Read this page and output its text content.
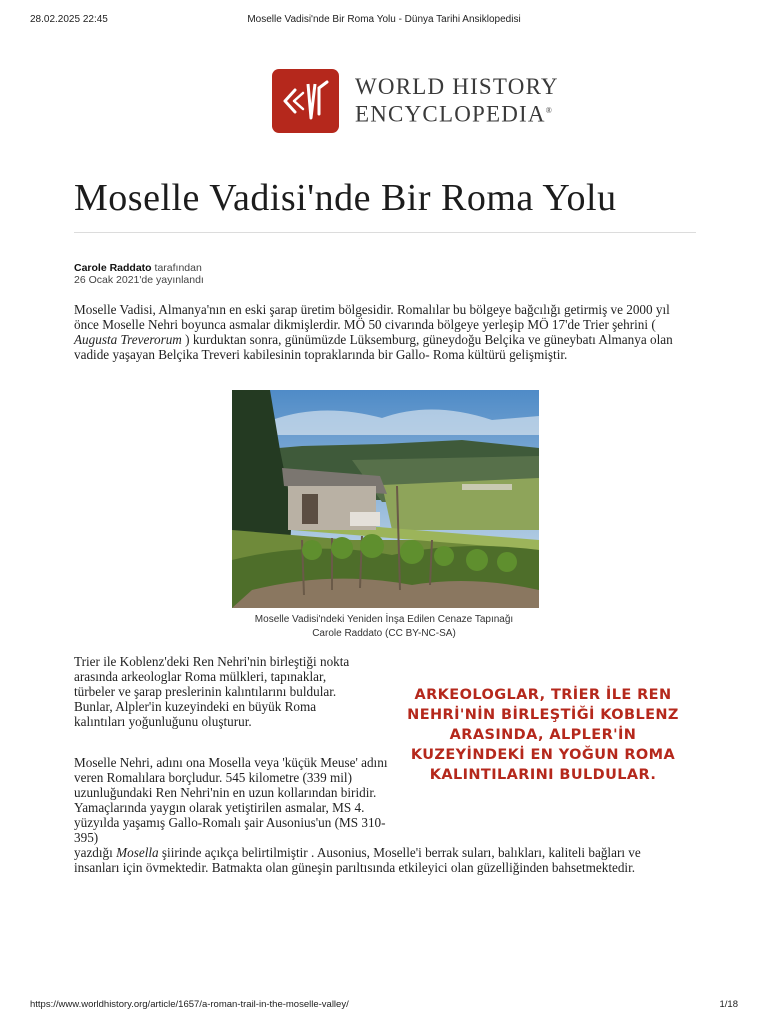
28.02.2025 22:45	Moselle Vadisi'nde Bir Roma Yolu - Dünya Tarihi Ansiklopedisi
WORLD HISTORY
ENCYCLOPEDIA®
Moselle Vadisi'nde Bir Roma Yolu
Carole Raddato tarafından
26 Ocak 2021'de yayınlandı

Moselle Vadisi, Almanya'nın en eski şarap üretim bölgesidir. Romalılar bu bölgeye bağcılığı getirmiş ve 2000 yıl önce Moselle Nehri boyunca asmalar dikmişlerdir. MÖ 50 civarında bölgeye yerleşip MÖ 17'de Trier şehrini ( Augusta Treverorum ) kurduktan sonra, günümüzde Lüksemburg, güneydoğu Belçika ve güneybatı Almanya olan vadide yaşayan Belçika Treveri kabilesinin topraklarında bir Gallo- Roma kültürü gelişmiştir.

Moselle Vadisi'ndeki Yeniden İnşa Edilen Cenaze Tapınağı
Carole Raddato (CC BY-NC-SA)

Trier ile Koblenz'deki Ren Nehri'nin birleştiği nokta arasında arkeologlar Roma mülkleri, tapınaklar, türbeler ve şarap preslerinin kalıntılarını buldular. Bunlar, Alpler'in kuzeyindeki en büyük Roma kalıntıları yoğunluğunu oluşturur.

ARKEOLOGLAR, TRİER İLE REN NEHRİ'NİN BİRLEŞTİĞİ KOBLENZ ARASINDA, ALPLER'İN KUZEYİNDEKİ EN YOĞUN ROMA KALINTILARINI BULDULAR.

Moselle Nehri, adını ona Mosella veya 'küçük Meuse' adını veren Romalılara borçludur. 545 kilometre (339 mil) uzunluğundaki Ren Nehri'nin en uzun kollarından biridir. Yamaçlarında yaygın olarak yetiştirilen asmalar, MS 4. yüzyılda yaşamış Gallo-Romalı şair Ausonius'un (MS 310-395)

yazdığı Mosella şiirinde açıkça belirtilmiştir . Ausonius, Moselle'i berrak suları, balıkları, kaliteli bağları ve insanları için övmektedir. Batmakta olan güneşin parıltısında etkileyici olan güzelliğinden bahsetmektedir.

https://www.worldhistory.org/article/1657/a-roman-trail-in-the-moselle-valley/	1/18
